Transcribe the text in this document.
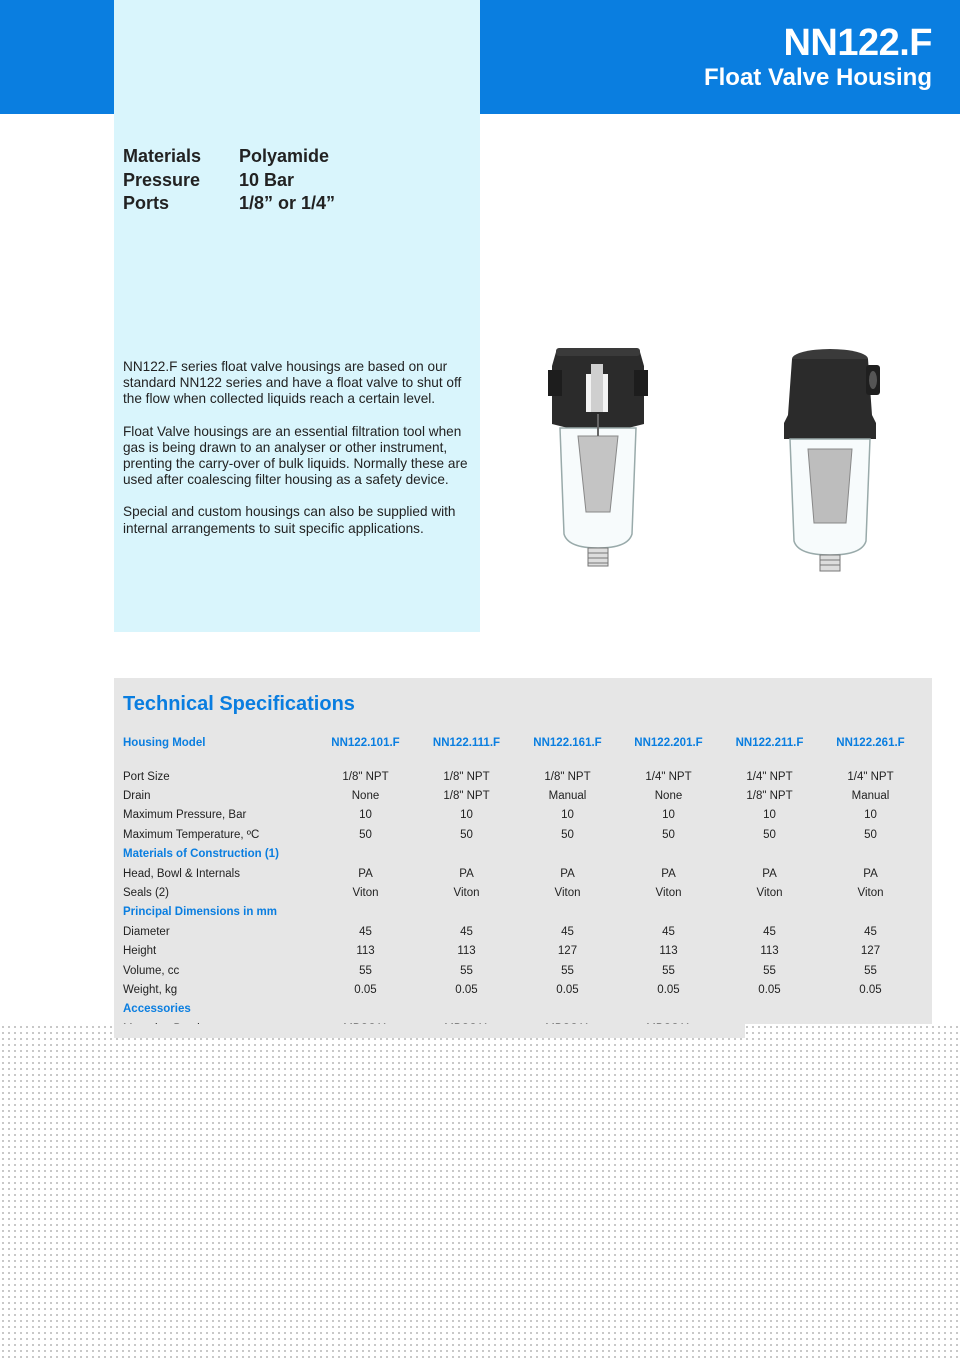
NN122.F
Float Valve Housing
Materials	Polyamide
Pressure	10 Bar
Ports	1/8” or 1/4”

NN122.F series float valve housings are based on our standard NN122 series and have a float valve to shut off the flow when collected liquids reach a certain level.

Float Valve housings are an essential filtration tool when gas is being drawn to an analyser or other instrument, prenting the carry-over of bulk liquids. Normally these are used after coalescing filter housing as a safety device.

Special and custom housings can also be supplied with internal arrangements to suit specific applications.

Technical Specifications
Housing Model	NN122.101.F	NN122.111.F	NN122.161.F	NN122.201.F	NN122.211.F	NN122.261.F

Port Size	1/8" NPT	1/8" NPT	1/8" NPT	1/4" NPT	1/4" NPT	1/4" NPT
Drain	None	1/8" NPT	Manual	None	1/8" NPT	Manual
Maximum Pressure, Bar	10	10	10	10	10	10
Maximum Temperature, ºC	50	50	50	50	50	50
Materials of Construction (1)						
Head, Bowl & Internals	PA	PA	PA	PA	PA	PA
Seals (2)	Viton	Viton	Viton	Viton	Viton	Viton
Principal Dimensions in mm						
Diameter	45	45	45	45	45	45
Height	113	113	127	113	113	127
Volume, cc	55	55	55	55	55	55
Weight, kg	0.05	0.05	0.05	0.05	0.05	0.05
Accessories						
